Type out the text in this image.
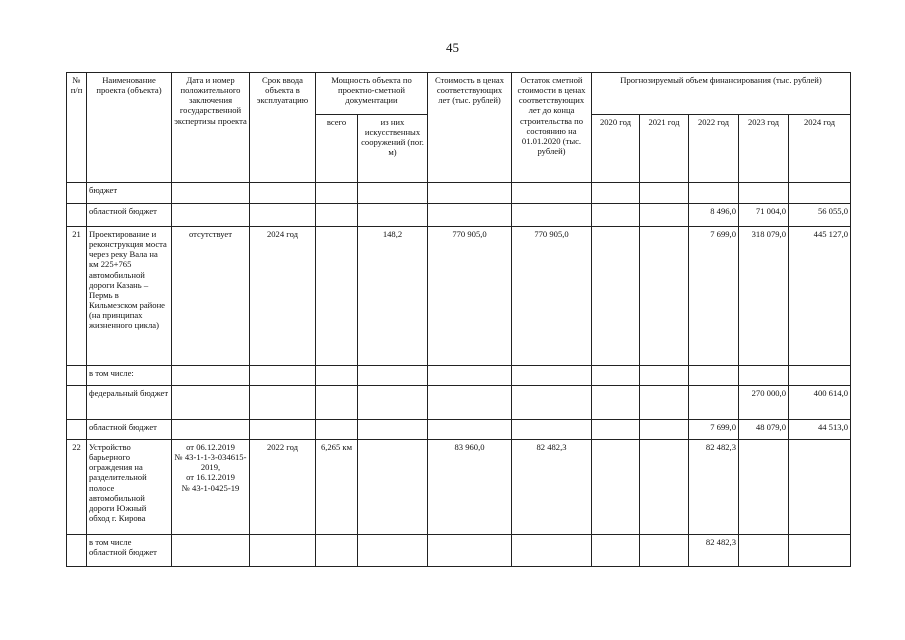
45
№
п/п	Наименование проекта (объекта)	Дата и номер положительного заключения государственной экспертизы проекта	Срок ввода объекта в эксплуатацию	Мощность объекта по проектно-сметной документации		Стоимость в ценах соответствующих лет (тыс. рублей)	Остаток сметной стоимости в ценах соответствующих лет до конца строительства по состоянию на 01.01.2020 (тыс. рублей)	Прогнозируемый объем финансирования (тыс. рублей)				
				всего	из них искусственных сооружений (пог. м)			2020 год	2021 год	2022 год	2023 год	2024 год
	бюджет											
	областной бюджет									8 496,0	71 004,0	56 055,0
21	Проектирование и реконструкция моста через реку Вала на км 225+765 автомобильной дороги Казань – Пермь в Кильмезском районе (на принципах жизненного цикла)	отсутствует	2024 год		148,2	770 905,0	770 905,0			7 699,0	318 079,0	445 127,0
	в том числе:											
	федеральный бюджет										270 000,0	400 614,0
	областной бюджет									7 699,0	48 079,0	44 513,0
22	Устройство барьерного ограждения на разделительной полосе автомобильной дороги Южный обход г. Кирова	от 06.12.2019
№ 43-1-1-3-034615-2019,
от 16.12.2019
№ 43-1-0425-19	2022 год	6,265 км		83 960,0	82 482,3			82 482,3		
	в том числе областной бюджет									82 482,3		
